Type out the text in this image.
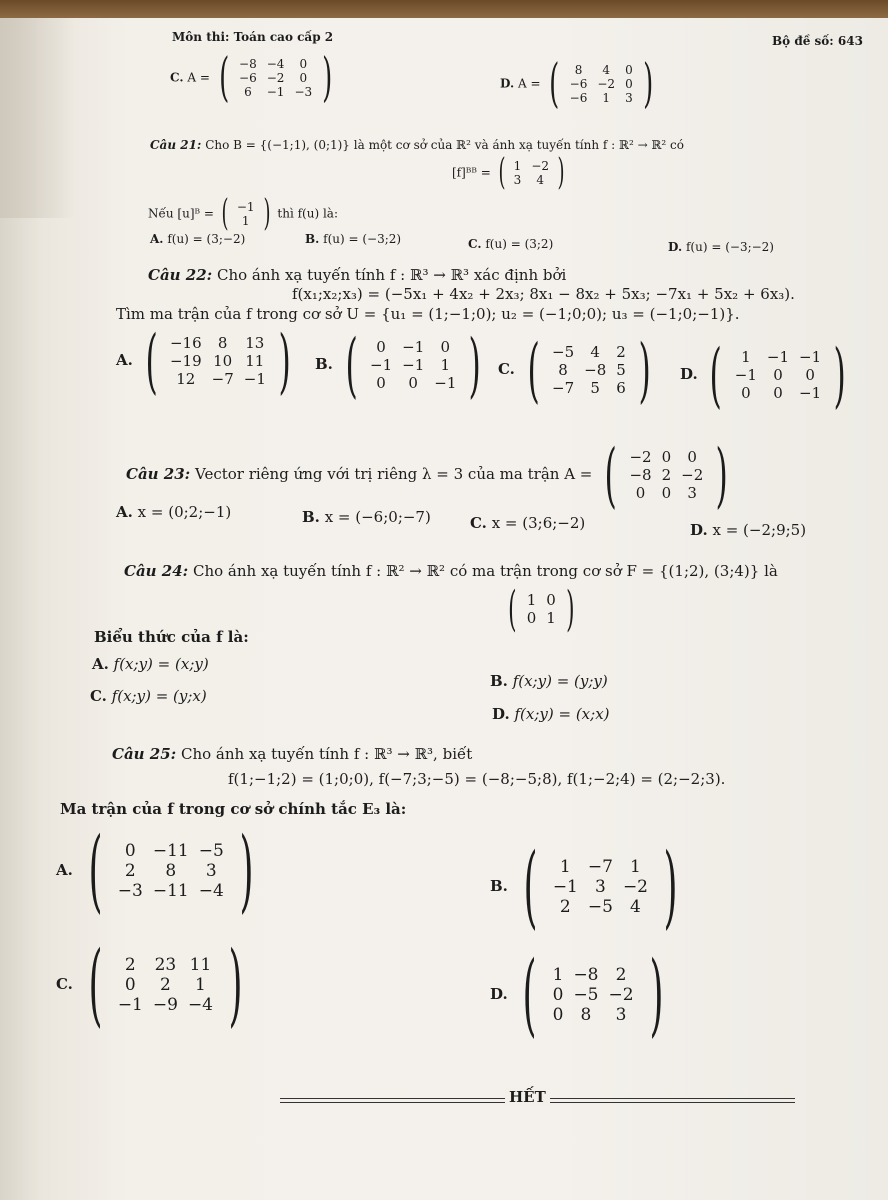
Môn thi: Toán cao cấp 2	Bộ đề số: 643
C. A = ( −8	−4	0
−6	−2	0
6	−1	−3 )	D. A = ( 8	4	0
−6	−2	0
−6	1	3 )
Câu 21: Cho B = {(−1;1), (0;1)} là một cơ sở của ℝ² và ánh xạ tuyến tính f : ℝ² → ℝ² có
[f]ᴮᴮ = ( 1	−2
3	4 )
Nếu [u]ᴮ = ( −1
1 ) thì f(u) là:
A. f(u) = (3;−2)	B. f(u) = (−3;2)	C. f(u) = (3;2)	D. f(u) = (−3;−2)
Câu 22: Cho ánh xạ tuyến tính f : ℝ³ → ℝ³ xác định bởi
f(x₁;x₂;x₃) = (−5x₁ + 4x₂ + 2x₃; 8x₁ − 8x₂ + 5x₃; −7x₁ + 5x₂ + 6x₃).
Tìm ma trận của f trong cơ sở U = {u₁ = (1;−1;0); u₂ = (−1;0;0); u₃ = (−1;0;−1)}.
A. ( −16	8	13
−19	10	11
12	−7	−1 ) B. ( 0	−1	0
−1	−1	1
0	0	−1 ) C. ( −5	4	2
8	−8	5
−7	5	6 ) D. ( 1	−1	−1
−1	0	0
0	0	−1 )
Câu 23: Vector riêng ứng với trị riêng λ = 3 của ma trận A = ( −2	0	0
−8	2	−2
0	0	3 )
A. x = (0;2;−1)	B. x = (−6;0;−7)	C. x = (3;6;−2)	D. x = (−2;9;5)
Câu 24: Cho ánh xạ tuyến tính f : ℝ² → ℝ² có ma trận trong cơ sở F = {(1;2), (3;4)} là
( 1	0
0	1 )
Biểu thức của f là:
A. f(x;y) = (x;y)
B. f(x;y) = (y;y)
C. f(x;y) = (y;x)
D. f(x;y) = (x;x)
Câu 25: Cho ánh xạ tuyến tính f : ℝ³ → ℝ³, biết
f(1;−1;2) = (1;0;0), f(−7;3;−5) = (−8;−5;8), f(1;−2;4) = (2;−2;3).
Ma trận của f trong cơ sở chính tắc E₃ là:
A. ( 0	−11	−5
2	8	3
−3	−11	−4 )	B. ( 1	−7	1
−1	3	−2
2	−5	4 )
C. ( 2	23	11
0	2	1
−1	−9	−4 )	D. ( 1	−8	2
0	−5	−2
0	8	3 )
HẾT
